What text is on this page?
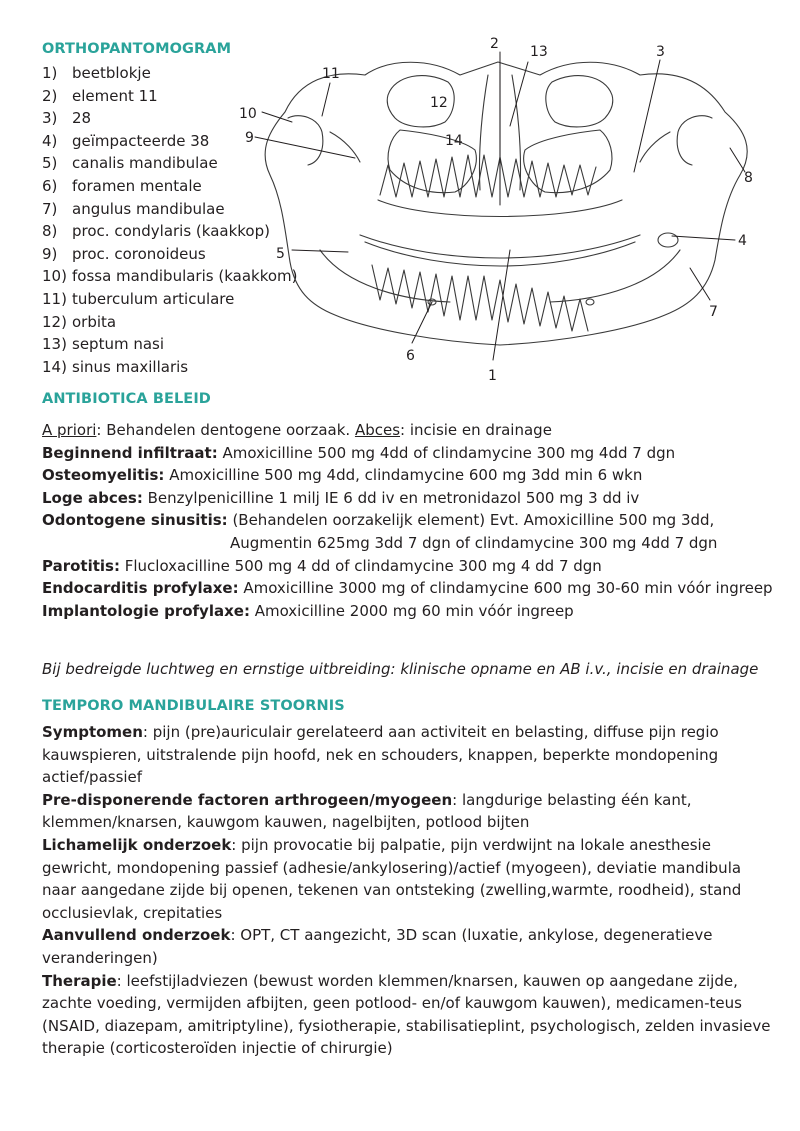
ORTHOPANTOMOGRAM
1) beetblokje
2) element 11
3) 28
4) geïmpacteerde 38
5) canalis mandibulae
6) foramen mentale
7) angulus mandibulae
8) proc. condylaris (kaakkop)
9) proc. coronoideus
10) fossa mandibularis (kaakkom)
11) tuberculum articulare
12) orbita
13) septum nasi
14) sinus maxillaris
1
2	3
4
5
6
7
8
9
10
11
12
13
14
ANTIBIOTICA BELEID

A priori: Behandelen dentogene oorzaak. Abces: incisie en drainage

Beginnend infiltraat: Amoxicilline 500 mg 4dd of clindamycine 300 mg 4dd 7 dgn

Osteomyelitis: Amoxicilline 500 mg 4dd, clindamycine 600 mg 3dd min 6 wkn

Loge abces: Benzylpenicilline 1 milj IE 6 dd iv en metronidazol 500 mg 3 dd iv

Odontogene sinusitis: (Behandelen oorzakelijk element) Evt. Amoxicilline 500 mg 3dd,

Augmentin 625mg 3dd 7 dgn of clindamycine 300 mg 4dd 7 dgn

Parotitis: Flucloxacilline 500 mg 4 dd of clindamycine 300 mg 4 dd 7 dgn

Endocarditis profylaxe: Amoxicilline 3000 mg of clindamycine 600 mg 30-60 min vóór ingreep

Implantologie profylaxe: Amoxicilline 2000 mg 60 min vóór ingreep

Bij bedreigde luchtweg en ernstige uitbreiding: klinische opname en AB i.v., incisie en drainage

TEMPORO MANDIBULAIRE STOORNIS

Symptomen: pijn (pre)auriculair gerelateerd aan activiteit en belasting, diffuse pijn regio kauwspieren, uitstralende pijn hoofd, nek en schouders, knappen, beperkte mondopening actief/passief

Pre-disponerende factoren arthrogeen/myogeen: langdurige belasting één kant, klemmen/knarsen, kauwgom kauwen, nagelbijten, potlood bijten

Lichamelijk onderzoek: pijn provocatie bij palpatie, pijn verdwijnt na lokale anesthesie gewricht, mondopening passief (adhesie/ankylosering)/actief (myogeen), deviatie mandibula naar aangedane zijde bij openen, tekenen van ontsteking (zwelling,warmte, roodheid), stand occlusievlak, crepitaties

Aanvullend onderzoek: OPT, CT aangezicht, 3D scan (luxatie, ankylose, degeneratieve veranderingen)

Therapie: leefstijladviezen (bewust worden klemmen/knarsen, kauwen op aangedane zijde, zachte voeding, vermijden afbijten, geen potlood- en/of kauwgom kauwen), medicamen-teus (NSAID, diazepam, amitriptyline), fysiotherapie, stabilisatieplint, psychologisch, zelden invasieve therapie (corticosteroïden injectie of chirurgie)
